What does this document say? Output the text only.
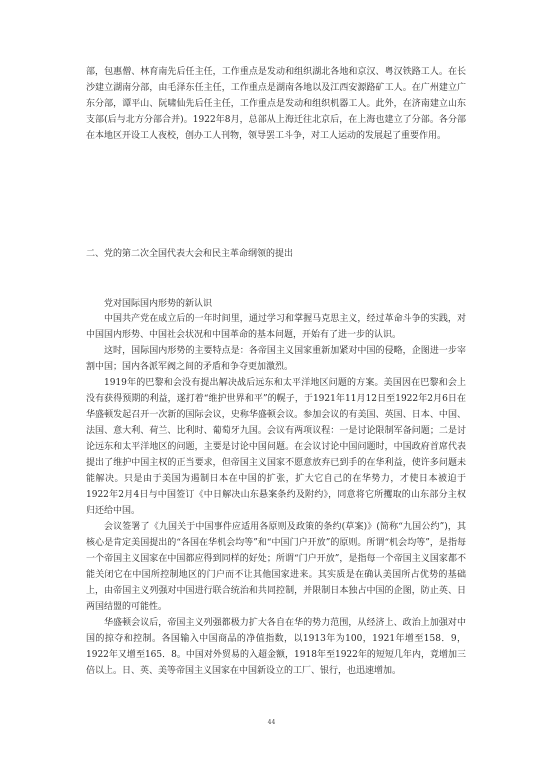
部，包惠僧、林育南先后任主任，工作重点是发动和组织湖北各地和京汉、粤汉铁路工人。在长沙建立湖南分部，由毛泽东任主任，工作重点是湖南各地以及江西安源路矿工人。在广州建立广东分部，谭平山、阮啸仙先后任主任，工作重点是发动和组织机器工人。此外，在济南建立山东支部(后与北方分部合并)。1922年8月，总部从上海迁往北京后，在上海也建立了分部。各分部在本地区开设工人夜校，创办工人刊物，领导罢工斗争，对工人运动的发展起了重要作用。

二、党的第二次全国代表大会和民主革命纲领的提出
党对国际国内形势的新认识

中国共产党在成立后的一年时间里，通过学习和掌握马克思主义，经过革命斗争的实践，对中国国内形势、中国社会状况和中国革命的基本问题，开始有了进一步的认识。

这时，国际国内形势的主要特点是：各帝国主义国家重新加紧对中国的侵略，企图进一步宰割中国；国内各派军阀之间的矛盾和争夺更加激烈。

1919年的巴黎和会没有提出解决战后远东和太平洋地区问题的方案。美国因在巴黎和会上没有获得预期的利益，遂打着“维护世界和平”的幌子，于1921年11月12日至1922年2月6日在华盛顿发起召开一次新的国际会议，史称华盛顿会议。参加会议的有美国、英国、日本、中国、法国、意大利、荷兰、比利时、葡萄牙九国。会议有两项议程：一是讨论限制军备问题；二是讨论远东和太平洋地区的问题，主要是讨论中国问题。在会议讨论中国问题时，中国政府首席代表提出了维护中国主权的正当要求，但帝国主义国家不愿意放弃已到手的在华利益，使许多问题未能解决。只是由于美国为遏制日本在中国的扩张，扩大它自己的在华势力，才使日本被迫于1922年2月4日与中国签订《中日解决山东悬案条约及附约》，同意将它所攫取的山东部分主权归还给中国。

会议签署了《九国关于中国事件应适用各原则及政策的条约(草案)》(简称“九国公约”)，其核心是肯定美国提出的“各国在华机会均等”和“中国门户开放”的原则。所谓“机会均等”，是指每一个帝国主义国家在中国都应得到同样的好处；所谓“门户开放”，是指每一个帝国主义国家都不能关闭它在中国所控制地区的门户而不让其他国家进来。其实质是在确认美国所占优势的基础上，由帝国主义列强对中国进行联合统治和共同控制，并限制日本独占中国的企图，防止英、日两国结盟的可能性。

华盛顿会议后，帝国主义列强都极力扩大各自在华的势力范围，从经济上、政治上加强对中国的掠夺和控制。各国输入中国商品的净值指数，以1913年为100，1921年增至158．9，1922年又增至165．8。中国对外贸易的入超金额，1918年至1922年的短短几年内，竟增加三倍以上。日、英、美等帝国主义国家在中国新设立的工厂、银行，也迅速增加。

44
